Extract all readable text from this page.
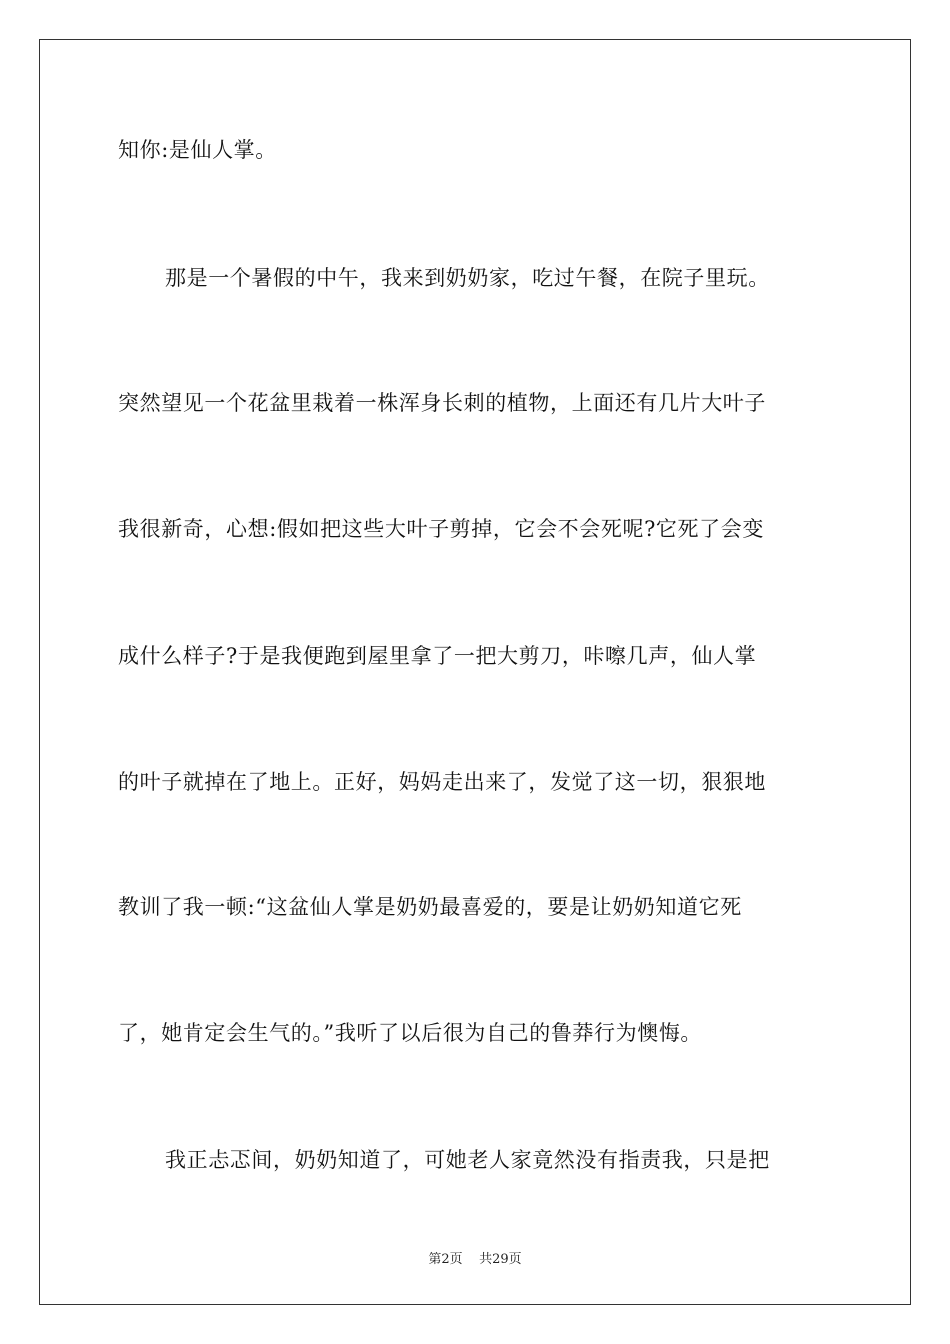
知你:是仙人掌。
那是一个暑假的中午，我来到奶奶家，吃过午餐，在院子里玩。
突然望见一个花盆里栽着一株浑身长刺的植物，上面还有几片大叶子
我很新奇，心想:假如把这些大叶子剪掉，它会不会死呢?它死了会变
成什么样子?于是我便跑到屋里拿了一把大剪刀，咔嚓几声，仙人掌
的叶子就掉在了地上。正好，妈妈走出来了，发觉了这一切，狠狠地
教训了我一顿:“这盆仙人掌是奶奶最喜爱的，要是让奶奶知道它死
了，她肯定会生气的。”我听了以后很为自己的鲁莽行为懊悔。
我正忐忑间，奶奶知道了，可她老人家竟然没有指责我，只是把
第2页 共29页
